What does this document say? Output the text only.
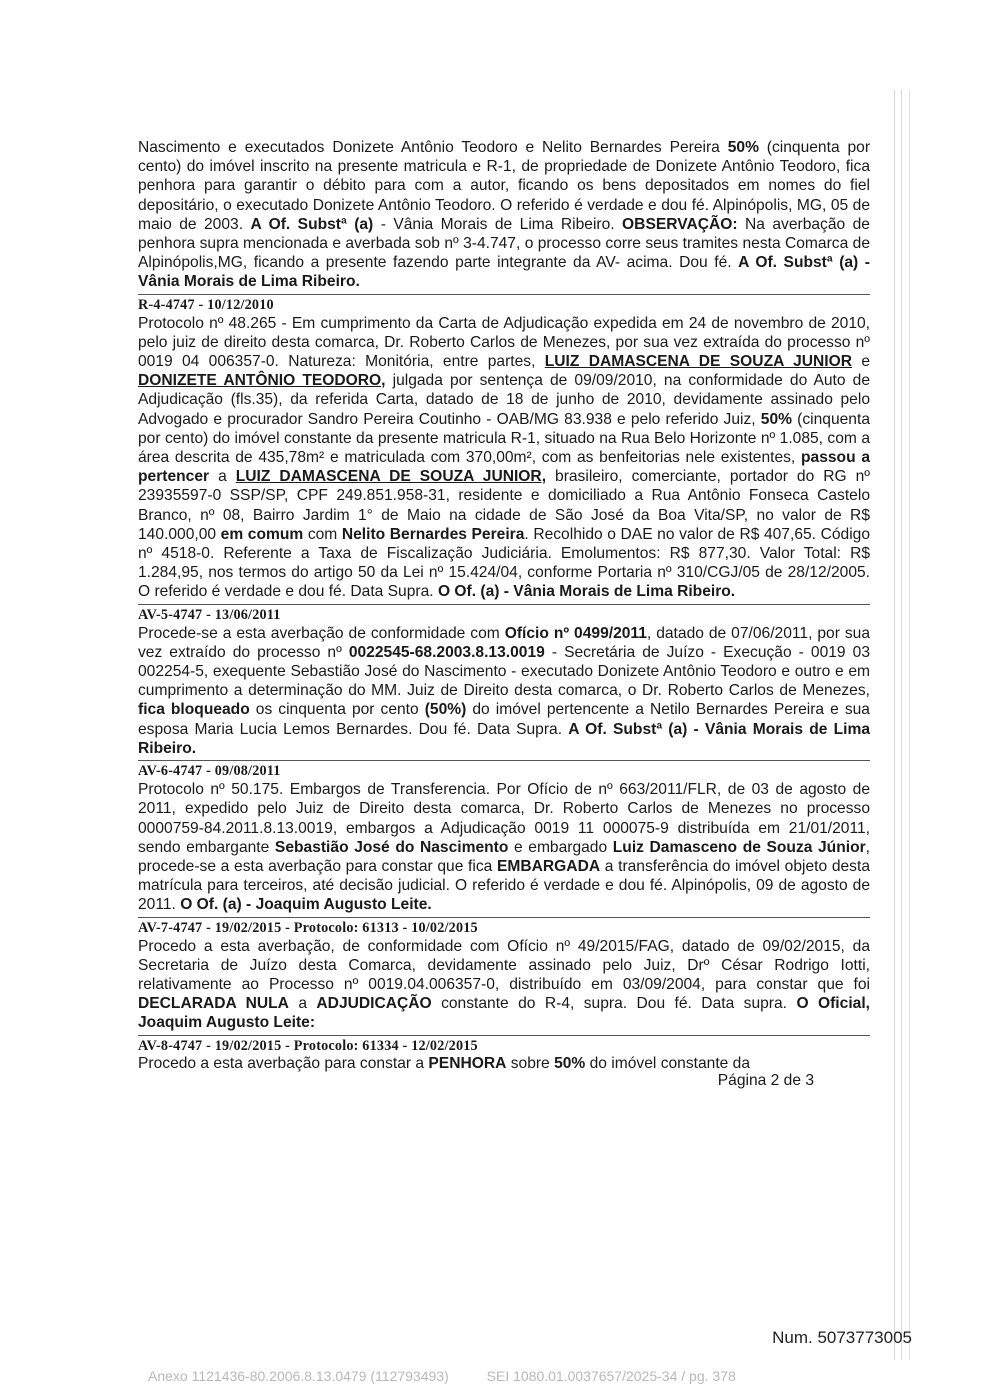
Nascimento e executados Donizete Antônio Teodoro e Nelito Bernardes Pereira 50% (cinquenta por cento) do imóvel inscrito na presente matricula e R-1, de propriedade de Donizete Antônio Teodoro, fica penhora para garantir o débito para com a autor, ficando os bens depositados em nomes do fiel depositário, o executado Donizete Antônio Teodoro. O referido é verdade e dou fé. Alpinópolis, MG, 05 de maio de 2003. A Of. Substª (a) - Vânia Morais de Lima Ribeiro. OBSERVAÇÃO: Na averbação de penhora supra mencionada e averbada sob nº 3-4.747, o processo corre seus tramites nesta Comarca de Alpinópolis,MG, ficando a presente fazendo parte integrante da AV- acima. Dou fé. A Of. Substª (a) - Vânia Morais de Lima Ribeiro.

R-4-4747 - 10/12/2010

Protocolo nº 48.265 - Em cumprimento da Carta de Adjudicação expedida em 24 de novembro de 2010, pelo juiz de direito desta comarca, Dr. Roberto Carlos de Menezes, por sua vez extraída do processo nº 0019 04 006357-0. Natureza: Monitória, entre partes, LUIZ DAMASCENA DE SOUZA JUNIOR e DONIZETE ANTÔNIO TEODORO, julgada por sentença de 09/09/2010, na conformidade do Auto de Adjudicação (fls.35), da referida Carta, datado de 18 de junho de 2010, devidamente assinado pelo Advogado e procurador Sandro Pereira Coutinho - OAB/MG 83.938 e pelo referido Juiz, 50% (cinquenta por cento) do imóvel constante da presente matricula R-1, situado na Rua Belo Horizonte nº 1.085, com a área descrita de 435,78m² e matriculada com 370,00m², com as benfeitorias nele existentes, passou a pertencer a LUIZ DAMASCENA DE SOUZA JUNIOR, brasileiro, comerciante, portador do RG nº 23935597-0 SSP/SP, CPF 249.851.958-31, residente e domiciliado a Rua Antônio Fonseca Castelo Branco, nº 08, Bairro Jardim 1° de Maio na cidade de São José da Boa Vita/SP, no valor de R$ 140.000,00 em comum com Nelito Bernardes Pereira. Recolhido o DAE no valor de R$ 407,65. Código nº 4518-0. Referente a Taxa de Fiscalização Judiciária. Emolumentos: R$ 877,30. Valor Total: R$ 1.284,95, nos termos do artigo 50 da Lei nº 15.424/04, conforme Portaria nº 310/CGJ/05 de 28/12/2005. O referido é verdade e dou fé. Data Supra. O Of. (a) - Vânia Morais de Lima Ribeiro.

AV-5-4747 - 13/06/2011

Procede-se a esta averbação de conformidade com Ofício nº 0499/2011, datado de 07/06/2011, por sua vez extraído do processo nº 0022545-68.2003.8.13.0019 - Secretária de Juízo - Execução - 0019 03 002254-5, exequente Sebastião José do Nascimento - executado Donizete Antônio Teodoro e outro e em cumprimento a determinação do MM. Juiz de Direito desta comarca, o Dr. Roberto Carlos de Menezes, fica bloqueado os cinquenta por cento (50%) do imóvel pertencente a Netilo Bernardes Pereira e sua esposa Maria Lucia Lemos Bernardes. Dou fé. Data Supra. A Of. Substª (a) - Vânia Morais de Lima Ribeiro.

AV-6-4747 - 09/08/2011

Protocolo nº 50.175. Embargos de Transferencia. Por Ofício de nº 663/2011/FLR, de 03 de agosto de 2011, expedido pelo Juiz de Direito desta comarca, Dr. Roberto Carlos de Menezes no processo 0000759-84.2011.8.13.0019, embargos a Adjudicação 0019 11 000075-9 distribuída em 21/01/2011, sendo embargante Sebastião José do Nascimento e embargado Luiz Damasceno de Souza Júnior, procede-se a esta averbação para constar que fica EMBARGADA a transferência do imóvel objeto desta matrícula para terceiros, até decisão judicial. O referido é verdade e dou fé. Alpinópolis, 09 de agosto de 2011. O Of. (a) - Joaquim Augusto Leite.

AV-7-4747 - 19/02/2015 - Protocolo: 61313 - 10/02/2015

Procedo a esta averbação, de conformidade com Ofício nº 49/2015/FAG, datado de 09/02/2015, da Secretaria de Juízo desta Comarca, devidamente assinado pelo Juiz, Drº César Rodrigo Iotti, relativamente ao Processo nº 0019.04.006357-0, distribuído em 03/09/2004, para constar que foi DECLARADA NULA a ADJUDICAÇÃO constante do R-4, supra. Dou fé. Data supra. O Oficial, Joaquim Augusto Leite:

AV-8-4747 - 19/02/2015 - Protocolo: 61334 - 12/02/2015

Procedo a esta averbação para constar a PENHORA sobre 50% do imóvel constante da

Página 2 de 3

Num. 5073773005
Anexo 1121436-80.2006.8.13.0479 (112793493)	SEI 1080.01.0037657/2025-34 / pg. 378
